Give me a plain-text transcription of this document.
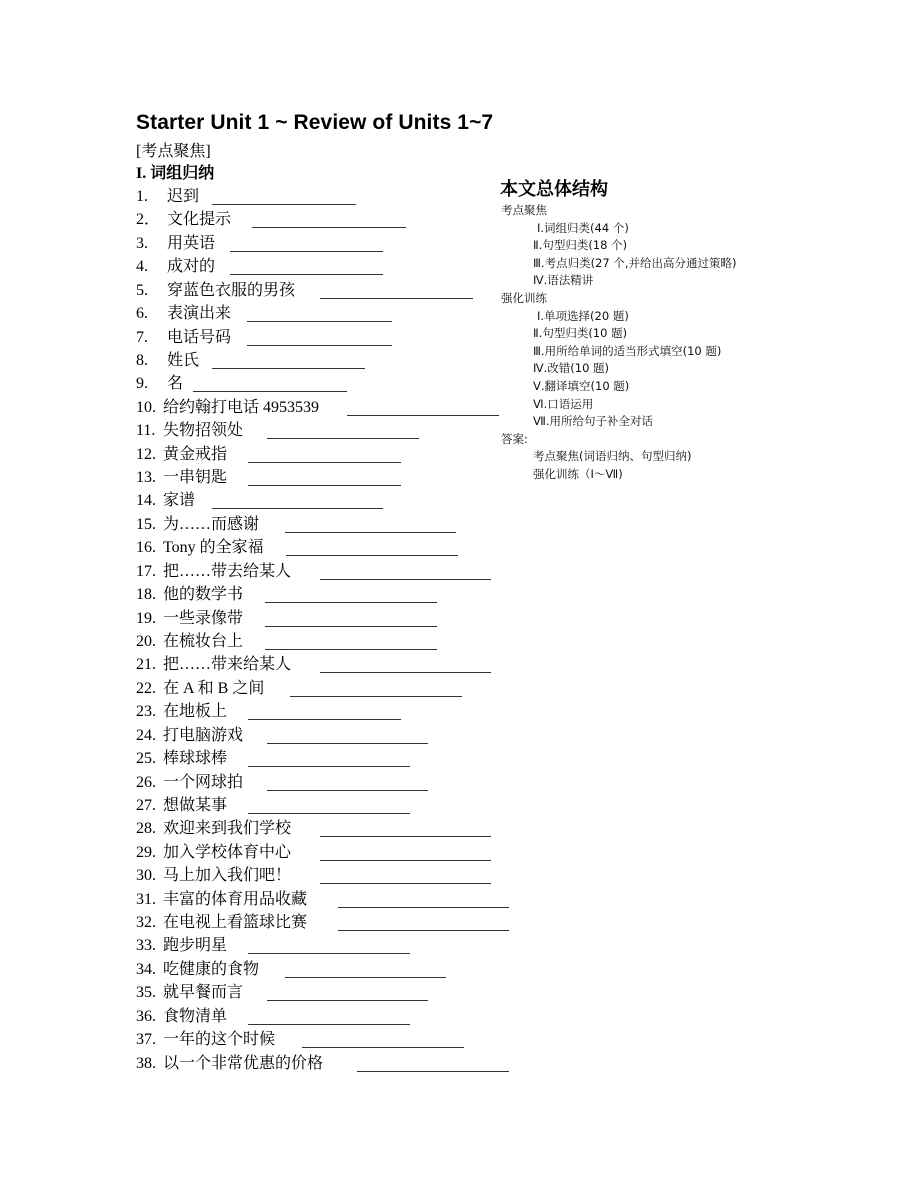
Starter Unit 1 ~ Review of Units 1~7
[考点聚焦]
I. 词组归纳
1. 迟到
2． 文化提示
3. 用英语
4. 成对的
5. 穿蓝色衣服的男孩
6. 表演出来
7. 电话号码
8. 姓氏
9. 名
10. 给约翰打电话 4953539
11. 失物招领处
12. 黄金戒指
13. 一串钥匙
14. 家谱
15. 为……而感谢
16. Tony 的全家福
17. 把……带去给某人
18. 他的数学书
19. 一些录像带
20. 在梳妆台上
21. 把……带来给某人
22. 在 A 和 B 之间
23. 在地板上
24. 打电脑游戏
25. 棒球球棒
26. 一个网球拍
27. 想做某事
28. 欢迎来到我们学校
29. 加入学校体育中心
30. 马上加入我们吧！
31. 丰富的体育用品收藏
32. 在电视上看篮球比赛
33. 跑步明星
34. 吃健康的食物
35. 就早餐而言
36. 食物清单
37. 一年的这个时候
38. 以一个非常优惠的价格
本文总体结构
考点聚焦
Ⅰ.词组归类(44 个)
Ⅱ.句型归类(18 个)
Ⅲ.考点归类(27 个,并给出高分通过策略)
Ⅳ.语法精讲
强化训练
Ⅰ.单项选择(20 题)
Ⅱ.句型归类(10 题)
Ⅲ.用所给单词的适当形式填空(10 题)
Ⅳ.改错(10 题)
Ⅴ.翻译填空(10 题)
Ⅵ.口语运用
Ⅶ.用所给句子补全对话
答案:
考点聚焦(词语归纳、句型归纳)
强化训练（Ⅰ～Ⅶ)
